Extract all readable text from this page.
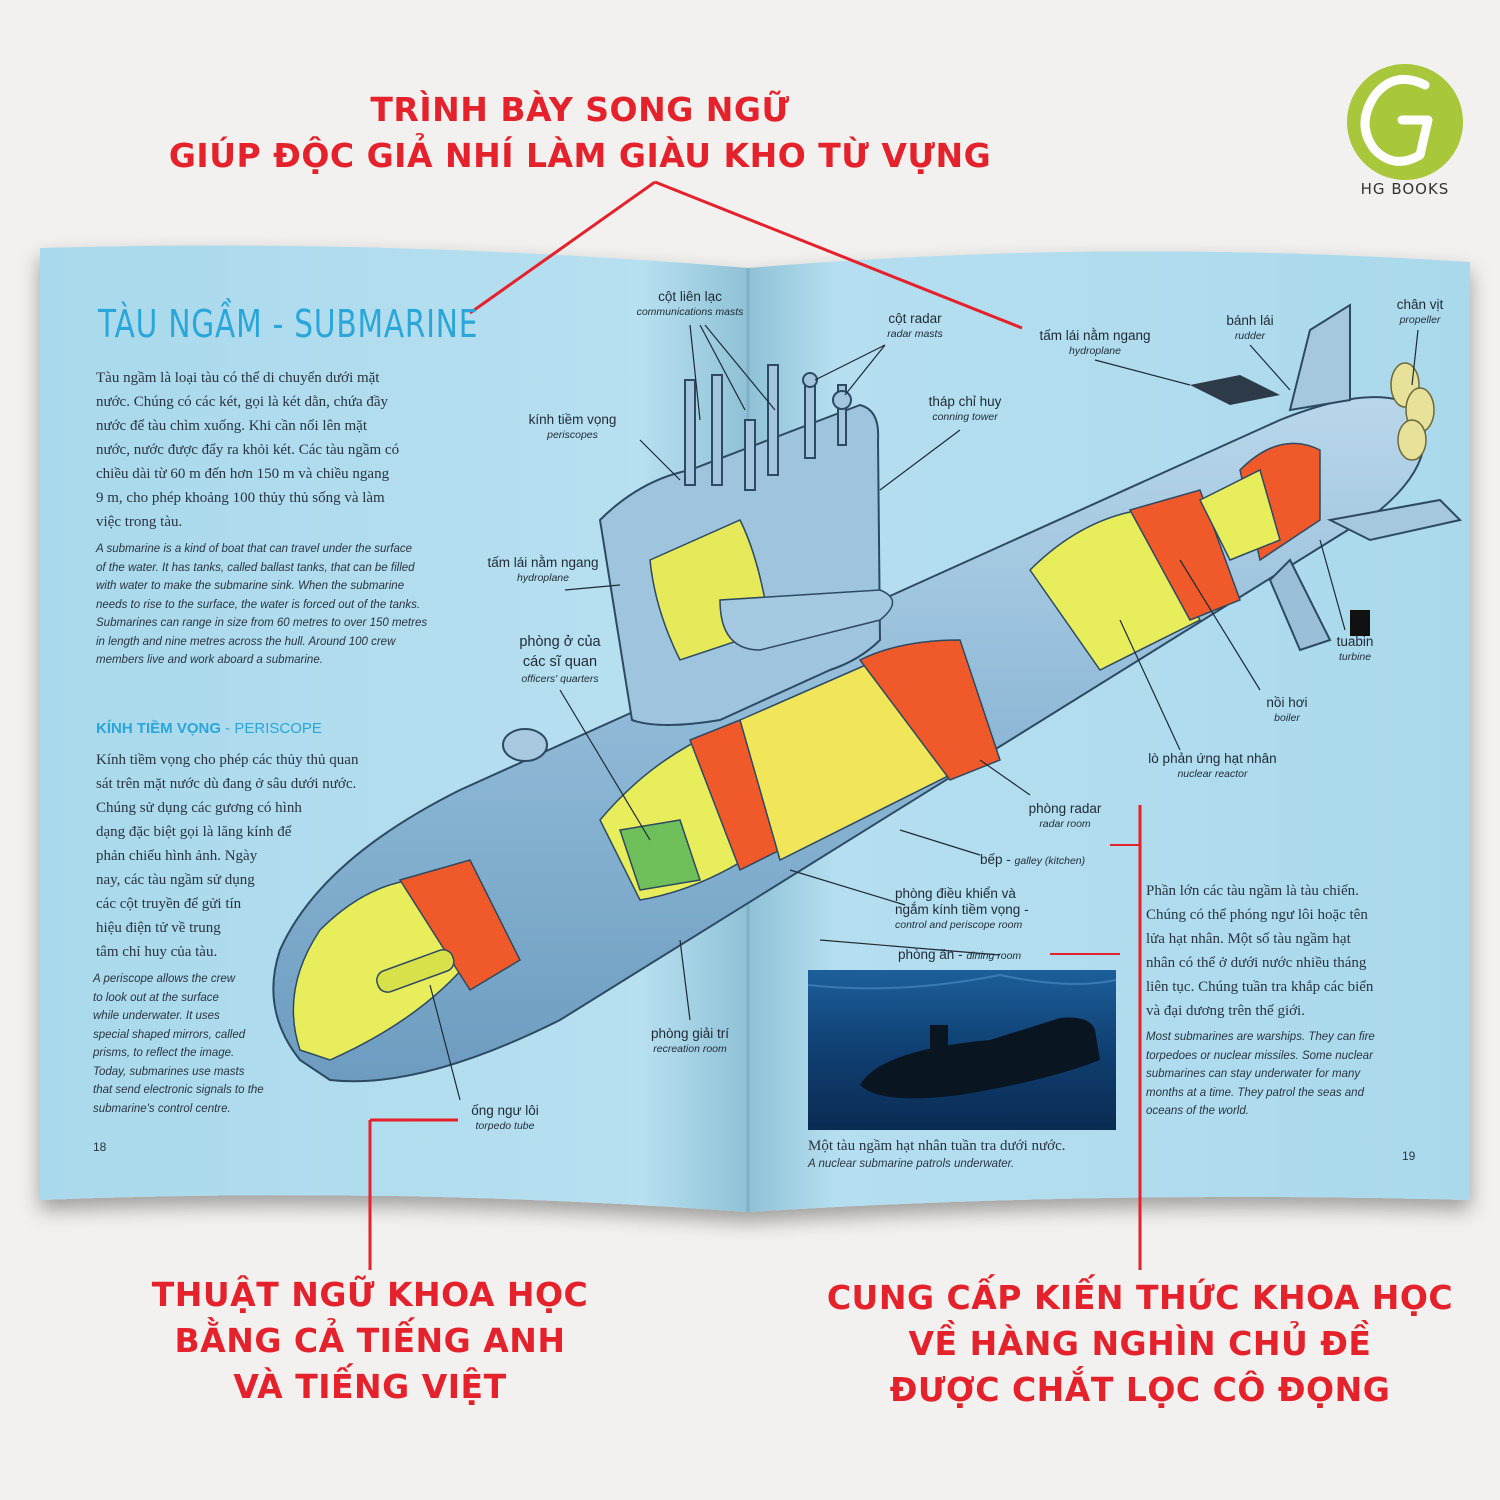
TRÌNH BÀY SONG NGỮ
GIÚP ĐỘC GIẢ NHÍ LÀM GIÀU KHO TỪ VỰNG
THUẬT NGỮ KHOA HỌC
BẰNG CẢ TIẾNG ANH
VÀ TIẾNG VIỆT
CUNG CẤP KIẾN THỨC KHOA HỌC
VỀ HÀNG NGHÌN CHỦ ĐỀ
ĐƯỢC CHẮT LỌC CÔ ĐỌNG
HG BOOKS
TÀU NGẦM - SUBMARINE
Tàu ngầm là loại tàu có thể di chuyển dưới mặt
nước. Chúng có các két, gọi là két dằn, chứa đầy
nước để tàu chìm xuống. Khi cần nổi lên mặt
nước, nước được đẩy ra khỏi két. Các tàu ngầm có
chiều dài từ 60 m đến hơn 150 m và chiều ngang
9 m, cho phép khoảng 100 thủy thủ sống và làm
việc trong tàu.
A submarine is a kind of boat that can travel under the surface
of the water. It has tanks, called ballast tanks, that can be filled
with water to make the submarine sink. When the submarine
needs to rise to the surface, the water is forced out of the tanks.
Submarines can range in size from 60 metres to over 150 metres
in length and nine metres across the hull. Around 100 crew
members live and work aboard a submarine.
KÍNH TIỀM VỌNG - PERISCOPE
Kính tiềm vọng cho phép các thủy thủ quan
sát trên mặt nước dù đang ở sâu dưới nước.
Chúng sử dụng các gương có hình
dạng đặc biệt gọi là lăng kính để
phản chiếu hình ảnh. Ngày
nay, các tàu ngầm sử dụng
các cột truyền để gửi tín
hiệu điện tử về trung
tâm chỉ huy của tàu.
A periscope allows the crew
to look out at the surface
while underwater. It uses
special shaped mirrors, called
prisms, to reflect the image.
Today, submarines use masts
that send electronic signals to the
submarine's control centre.
18
Phần lớn các tàu ngầm là tàu chiến.
Chúng có thể phóng ngư lôi hoặc tên
lửa hạt nhân. Một số tàu ngầm hạt
nhân có thể ở dưới nước nhiều tháng
liên tục. Chúng tuần tra khắp các biển
và đại dương trên thế giới.
Most submarines are warships. They can fire
torpedoes or nuclear missiles. Some nuclear
submarines can stay underwater for many
months at a time. They patrol the seas and
oceans of the world.
Một tàu ngầm hạt nhân tuần tra dưới nước.
A nuclear submarine patrols underwater.
19
cột liên lạc
communications masts	cột radar
radar masts	tấm lái nằm ngang
hydroplane
bánh lái
rudder
chân vịt
propeller
kính tiềm vọng
periscopes
tháp chỉ huy
conning tower
tấm lái nằm ngang
hydroplane
phòng ở của
các sĩ quan
officers' quarters
tuabin
turbine
nồi hơi
boiler
lò phản ứng hạt nhân
nuclear reactor
phòng radar
radar room
bếp - galley (kitchen)
phòng điều khiển và
ngắm kính tiềm vọng -
control and periscope room
phòng ăn - dining room
phòng giải trí
recreation room
ống ngư lôi
torpedo tube
